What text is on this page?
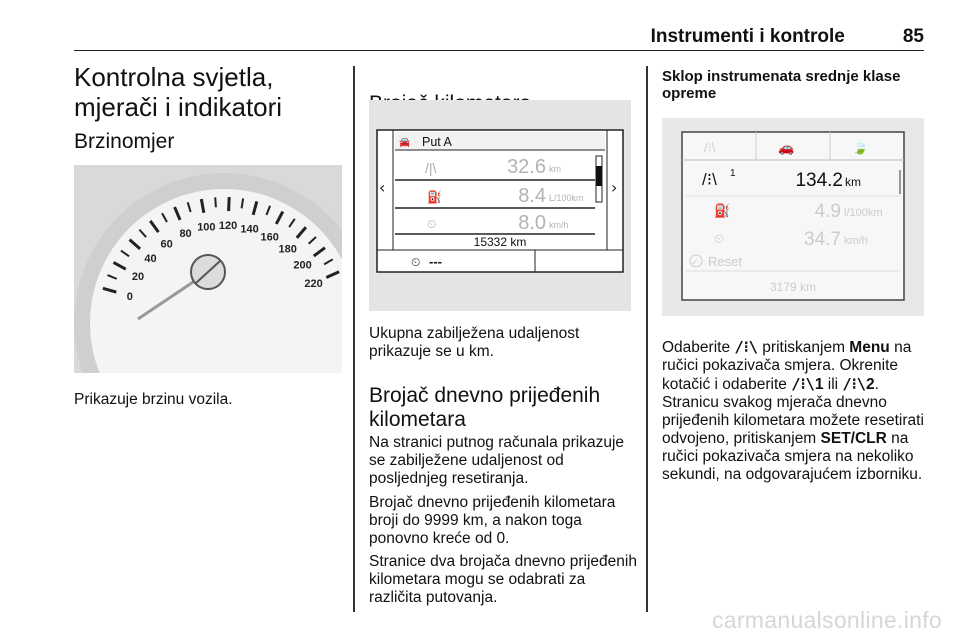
Instrumenti i kontrole	85
Kontrolna svjetla, mjerači i indikatori
Brzinomjer
0
20
40
60
80
100 120 140
160
180
200
220

Prikazuje brzinu vozila.

‹	›
🚘 Put A
/|\	32.6 km
⛽	8.4 L/100km
⏲	8.0 km/h
15332 km
⏲ ---

Ukupna zabilježena udaljenost prikazuje se u km.

Brojač dnevno prijeđenih kilometara

Na stranici putnog računala prikazuje se zabilježene udaljenost od posljednjeg resetiranja.

Brojač dnevno prijeđenih kilometara broji do 9999 km, a nakon toga ponovno kreće od 0.

Stranice dva brojača dnevno prijeđenih kilometara mogu se odabrati za različita putovanja.

Sklop instrumenata srednje klase opreme

/⁝\	🚗	🍃
/⁝\ 1	134.2 km
⛽	4.9 l/100km
⏲	34.7 km/h
✓ Reset
3179 km

Odaberite /⁝\ pritiskanjem Menu na ručici pokazivača smjera. Okrenite kotačić i odaberite /⁝\1 ili /⁝\2. Stranicu svakog mjerača dnevno prijeđenih kilometara možete resetirati odvojeno, pritiskanjem SET/CLR na ručici pokazivača smjera na nekoliko sekundi, na odgovarajućem izborniku.

carmanualsonline.info
